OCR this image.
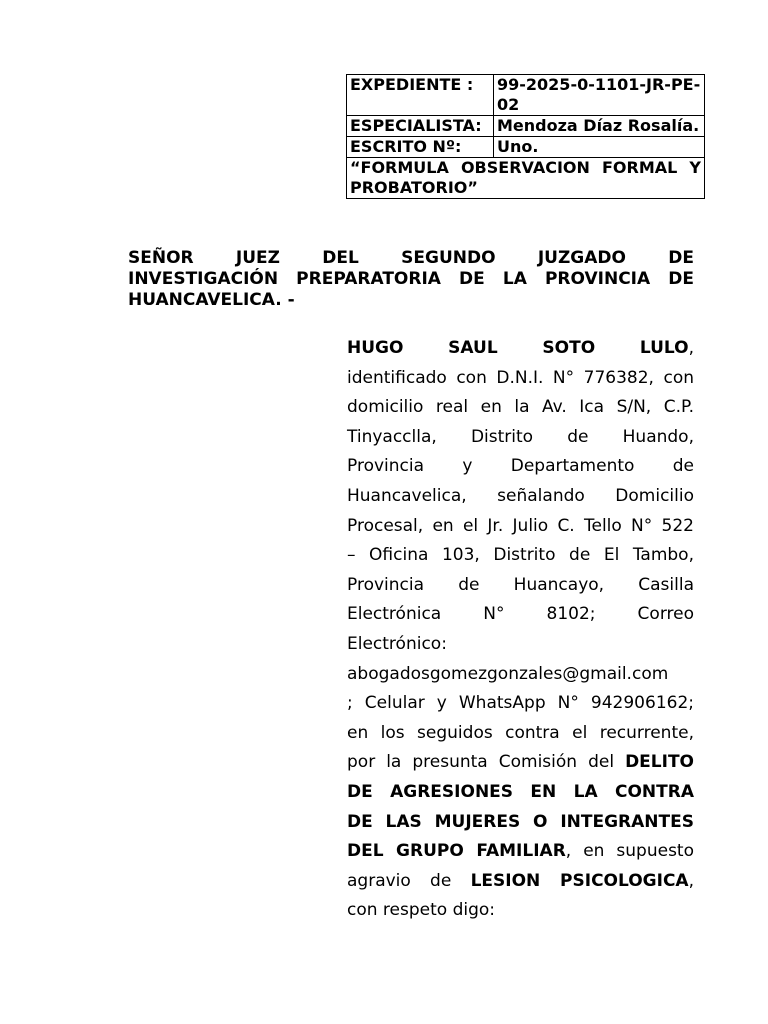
EXPEDIENTE :	99-2025-0-1101-JR-PE-02
ESPECIALISTA:	Mendoza Díaz Rosalía.
ESCRITO Nº:	Uno.
“FORMULA OBSERVACION FORMAL Y PROBATORIO”	
SEÑOR JUEZ DEL SEGUNDO JUZGADO DE
INVESTIGACIÓN PREPARATORIA DE LA PROVINCIA DE
HUANCAVELICA. -
HUGO SAUL SOTO LULO,
identificado con D.N.I. N° 776382, con
domicilio real en la Av. Ica S/N, C.P.
Tinyacclla, Distrito de Huando,
Provincia y Departamento de
Huancavelica, señalando Domicilio
Procesal, en el Jr. Julio C. Tello N° 522
– Oficina 103, Distrito de El Tambo,
Provincia de Huancayo, Casilla
Electrónica N° 8102; Correo
Electrónico:
abogadosgomezgonzales@gmail.com
; Celular y WhatsApp N° 942906162;
en los seguidos contra el recurrente,
por la presunta Comisión del DELITO
DE AGRESIONES EN LA CONTRA
DE LAS MUJERES O INTEGRANTES
DEL GRUPO FAMILIAR, en supuesto
agravio de LESION PSICOLOGICA,
con respeto digo:
